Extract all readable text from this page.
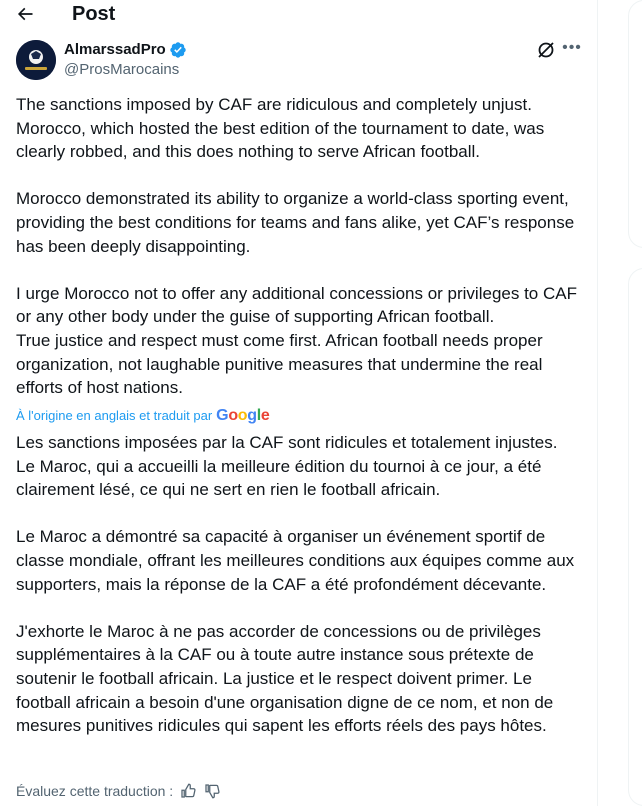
Post
AlmarssadPro
@ProsMarocains
•••
The sanctions imposed by CAF are ridiculous and completely unjust.
Morocco, which hosted the best edition of the tournament to date, was clearly robbed, and this does nothing to serve African football.

Morocco demonstrated its ability to organize a world-class sporting event, providing the best conditions for teams and fans alike, yet CAF’s response has been deeply disappointing.

I urge Morocco not to offer any additional concessions or privileges to CAF or any other body under the guise of supporting African football.
True justice and respect must come first. African football needs proper organization, not laughable punitive measures that undermine the real efforts of host nations.
À l'origine en anglais et traduit par Google
Les sanctions imposées par la CAF sont ridicules et totalement injustes.
Le Maroc, qui a accueilli la meilleure édition du tournoi à ce jour, a été clairement lésé, ce qui ne sert en rien le football africain.

Le Maroc a démontré sa capacité à organiser un événement sportif de classe mondiale, offrant les meilleures conditions aux équipes comme aux supporters, mais la réponse de la CAF a été profondément décevante.

J'exhorte le Maroc à ne pas accorder de concessions ou de privilèges supplémentaires à la CAF ou à toute autre instance sous prétexte de soutenir le football africain. La justice et le respect doivent primer. Le football africain a besoin d'une organisation digne de ce nom, et non de mesures punitives ridicules qui sapent les efforts réels des pays hôtes.
Évaluez cette traduction :
